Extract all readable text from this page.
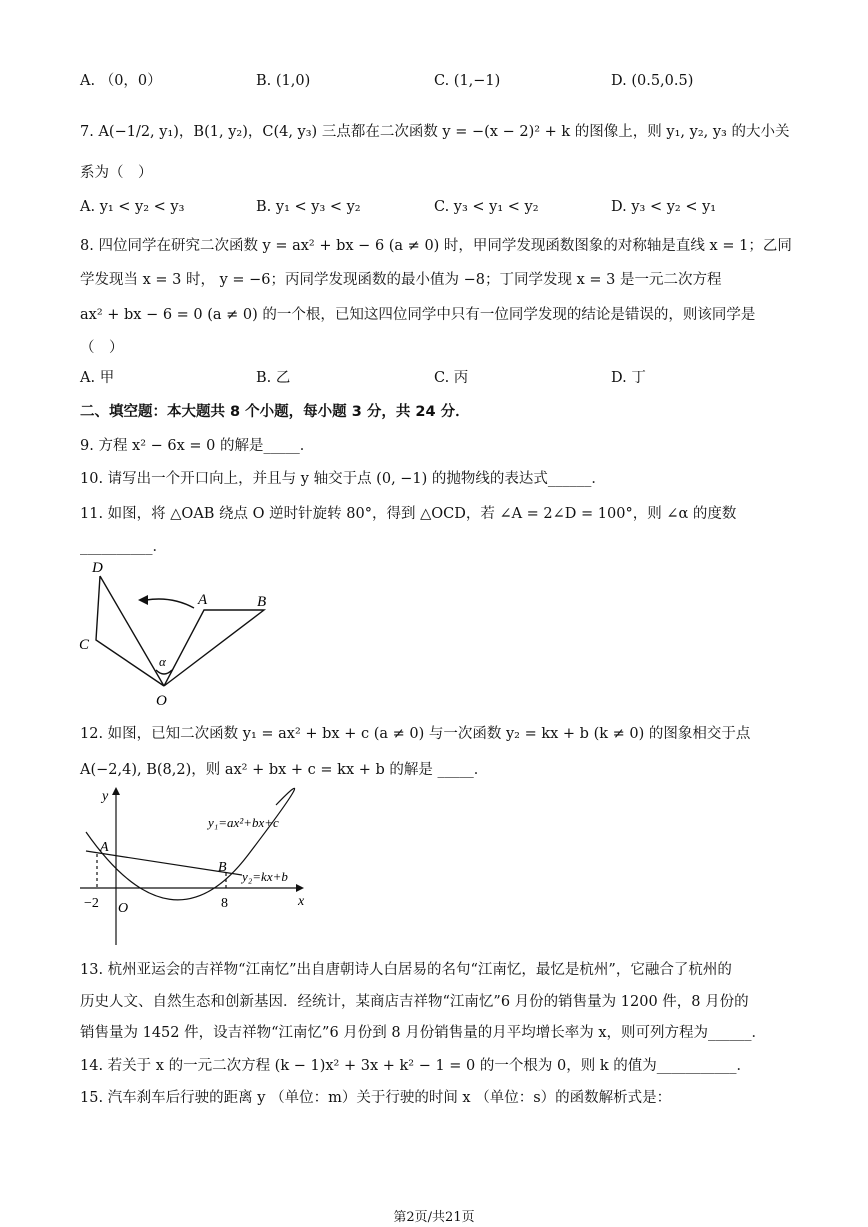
A. （0，0）	B. (1,0)	C. (1,−1)	D. (0.5,0.5)
7. A(−1/2, y₁)，B(1, y₂)，C(4, y₃) 三点都在二次函数 y = −(x − 2)² + k 的图像上，则 y₁, y₂, y₃ 的大小关
系为（　）
A. y₁ < y₂ < y₃	B. y₁ < y₃ < y₂	C. y₃ < y₁ < y₂	D. y₃ < y₂ < y₁
8. 四位同学在研究二次函数 y = ax² + bx − 6 (a ≠ 0) 时，甲同学发现函数图象的对称轴是直线 x = 1；乙同
学发现当 x = 3 时， y = −6；丙同学发现函数的最小值为 −8；丁同学发现 x = 3 是一元二次方程
ax² + bx − 6 = 0 (a ≠ 0) 的一个根，已知这四位同学中只有一位同学发现的结论是错误的，则该同学是
（　）
A. 甲	B. 乙	C. 丙	D. 丁
二、填空题：本大题共 8 个小题，每小题 3 分，共 24 分．
9. 方程 x² − 6x = 0 的解是_____．
10. 请写出一个开口向上，并且与 y 轴交于点 (0, −1) 的抛物线的表达式______．
11. 如图，将 △OAB 绕点 O 逆时针旋转 80°，得到 △OCD，若 ∠A = 2∠D = 100°，则 ∠α 的度数
__________．
D
A	B
C
O
α
12. 如图，已知二次函数 y₁ = ax² + bx + c (a ≠ 0) 与一次函数 y₂ = kx + b (k ≠ 0) 的图象相交于点
A(−2,4), B(8,2)，则 ax² + bx + c = kx + b 的解是 _____．
y
x
O
A
B
−2	8
y₁=ax²+bx+c
y₂=kx+b
13. 杭州亚运会的吉祥物“江南忆”出自唐朝诗人白居易的名句“江南忆，最忆是杭州”，它融合了杭州的
历史人文、自然生态和创新基因．经统计，某商店吉祥物“江南忆”6 月份的销售量为 1200 件，8 月份的
销售量为 1452 件，设吉祥物“江南忆”6 月份到 8 月份销售量的月平均增长率为 x，则可列方程为______．
14. 若关于 x 的一元二次方程 (k − 1)x² + 3x + k² − 1 = 0 的一个根为 0，则 k 的值为___________．
15. 汽车刹车后行驶的距离 y （单位：m）关于行驶的时间 x （单位：s）的函数解析式是：
第2页/共21页
